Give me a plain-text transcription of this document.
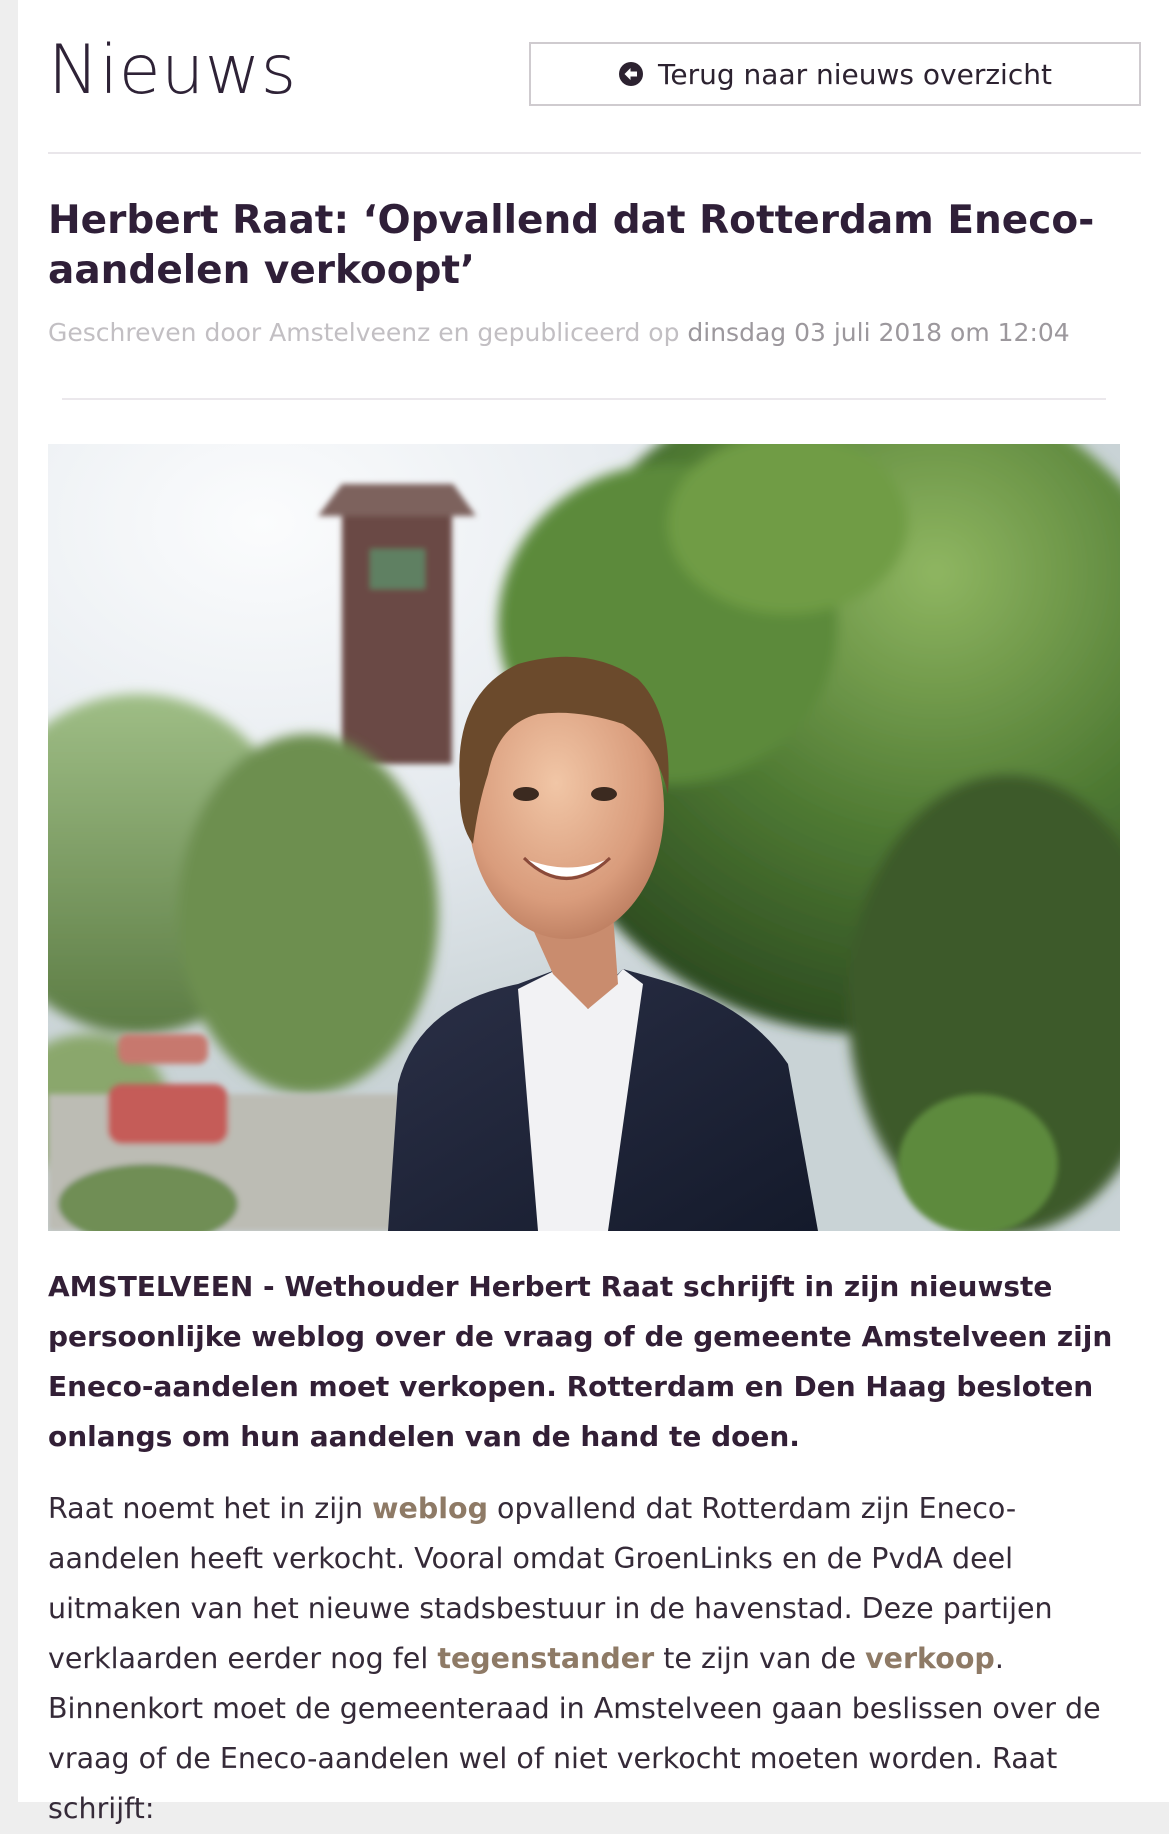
Nieuws	Terug naar nieuws overzicht
Herbert Raat: ‘Opvallend dat Rotterdam Eneco-aandelen verkoopt’
Geschreven door Amstelveenz en gepubliceerd op dinsdag 03 juli 2018 om 12:04

AMSTELVEEN - Wethouder Herbert Raat schrijft in zijn nieuwste persoonlijke weblog over de vraag of de gemeente Amstelveen zijn Eneco-aandelen moet verkopen. Rotterdam en Den Haag besloten onlangs om hun aandelen van de hand te doen.

Raat noemt het in zijn weblog opvallend dat Rotterdam zijn Eneco-aandelen heeft verkocht. Vooral omdat GroenLinks en de PvdA deel uitmaken van het nieuwe stadsbestuur in de havenstad. Deze partijen verklaarden eerder nog fel tegenstander te zijn van de verkoop. Binnenkort moet de gemeenteraad in Amstelveen gaan beslissen over de vraag of de Eneco-aandelen wel of niet verkocht moeten worden. Raat schrijft:
